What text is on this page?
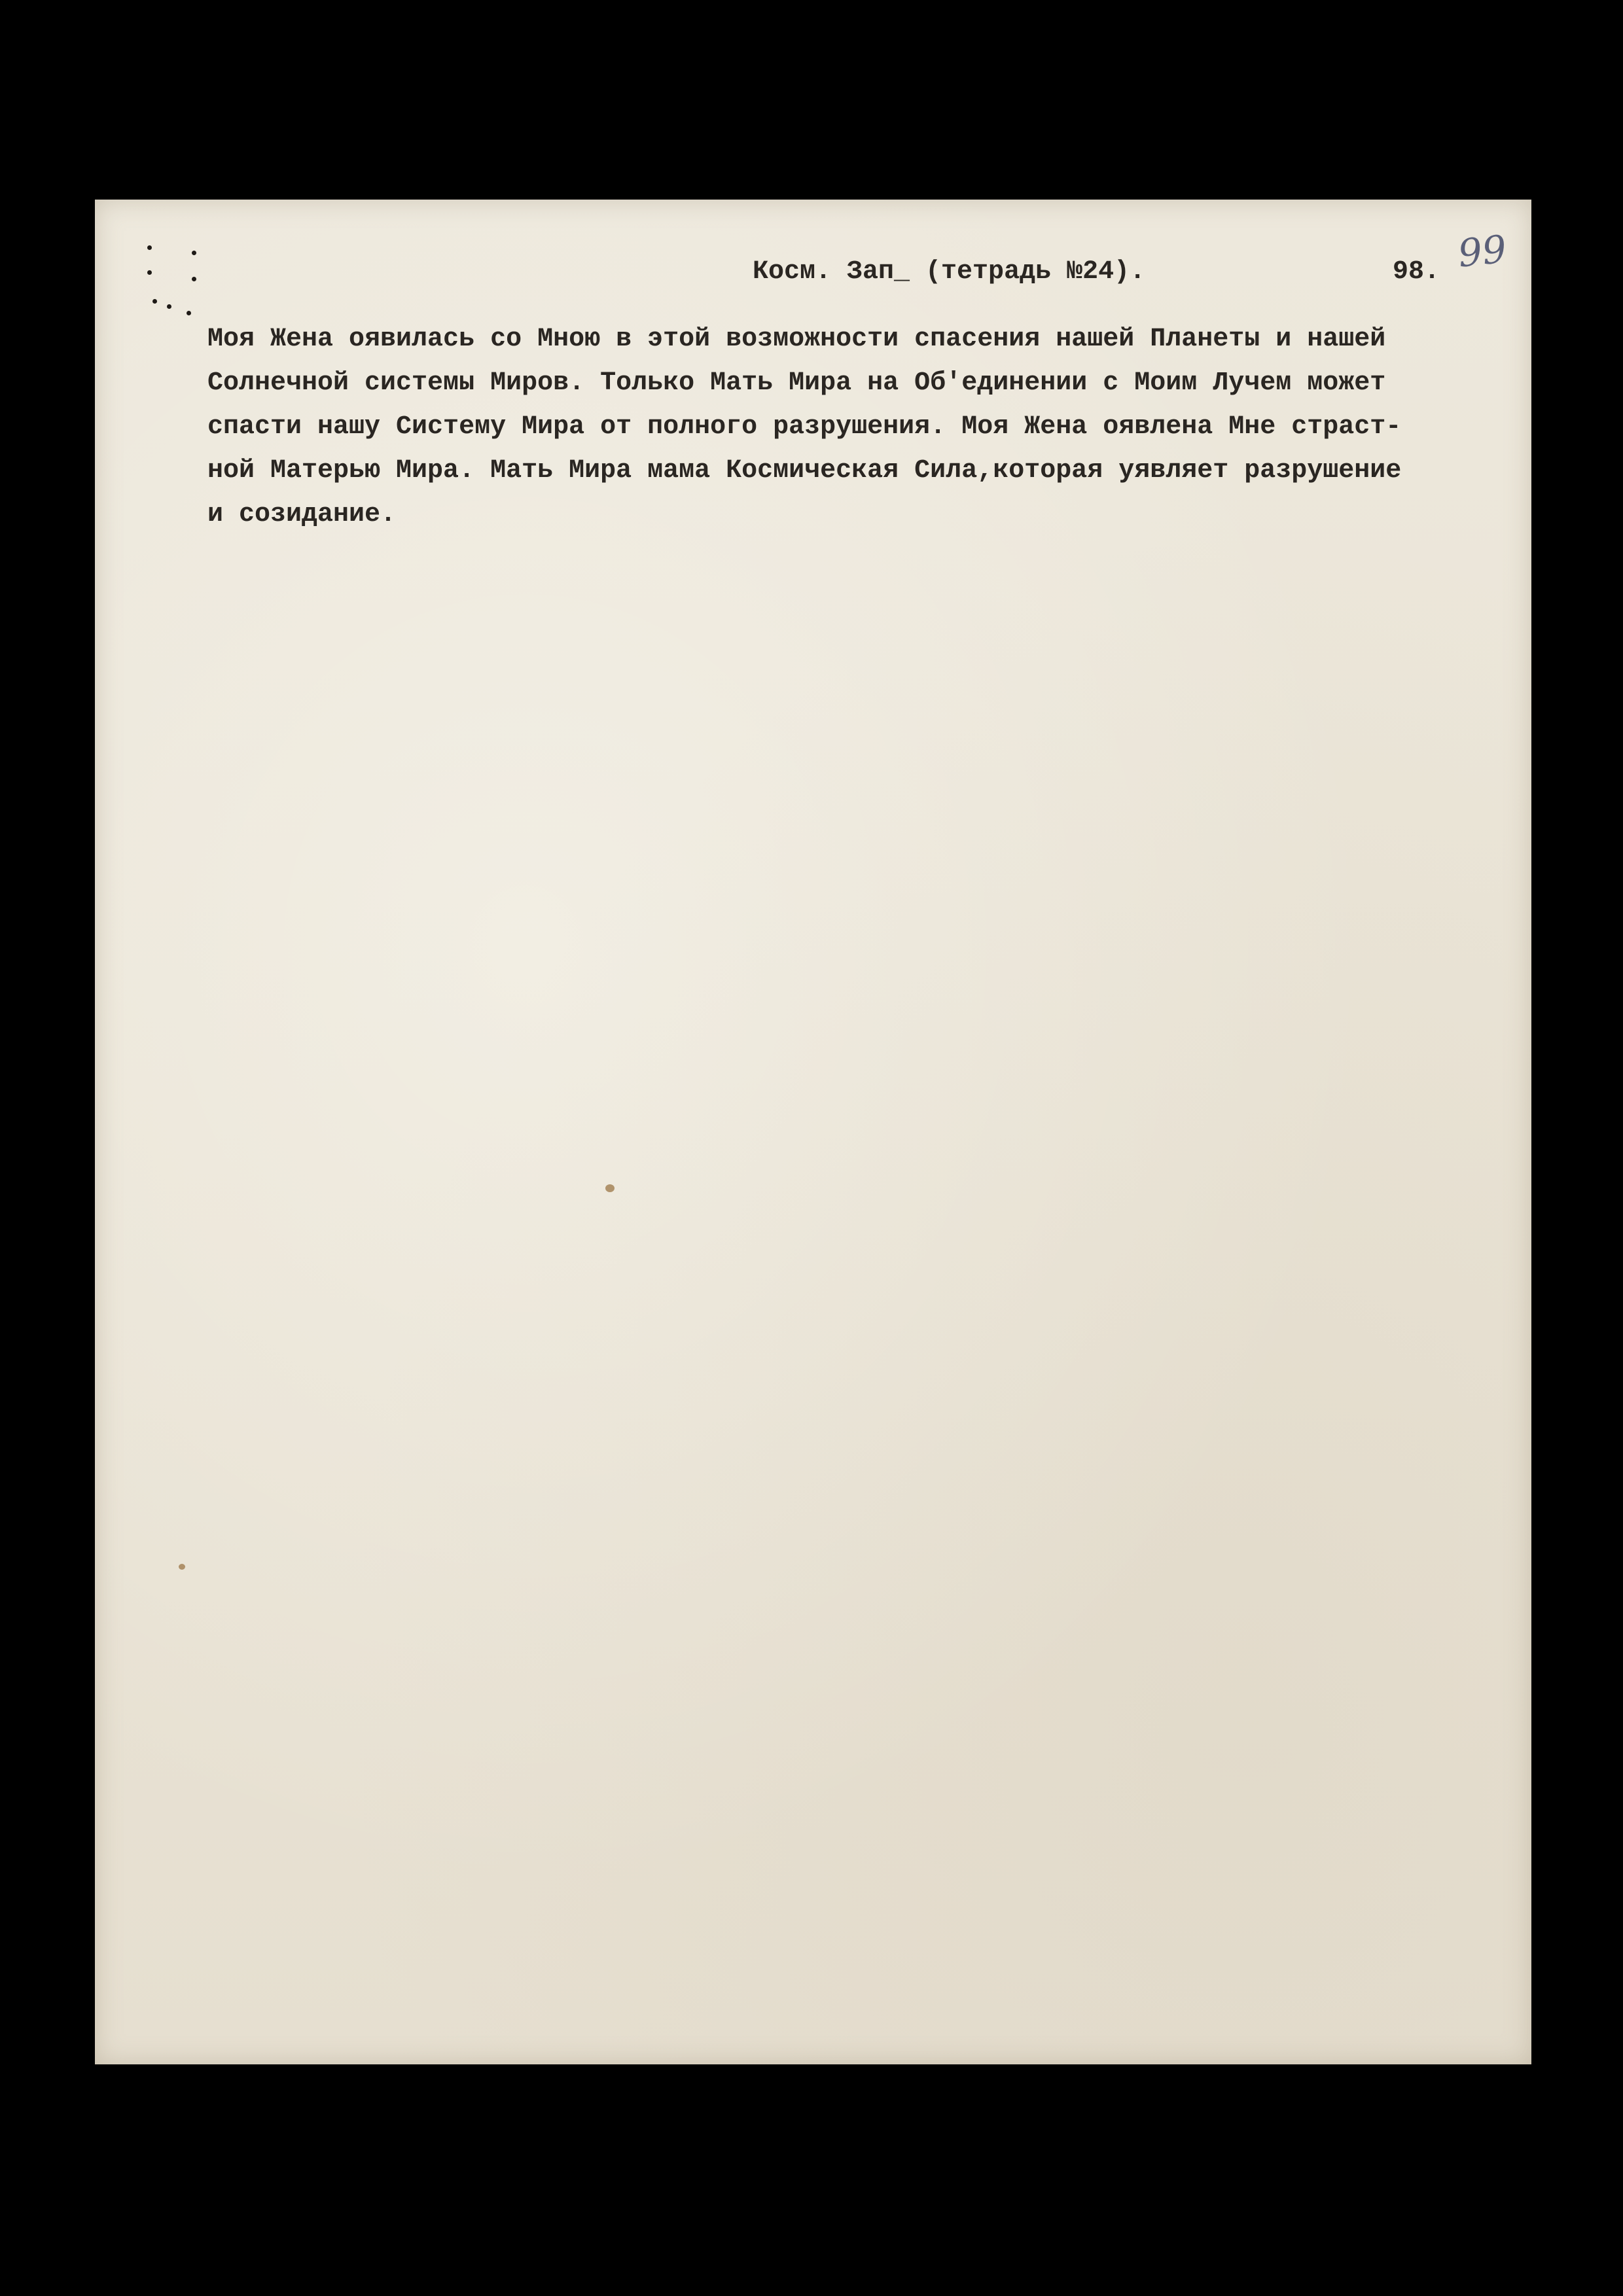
99
Косм. Зап_ (тетрадь №24).	98.
Моя Жена оявилась со Мною в этой возможности спасения нашей Планеты и нашей
Солнечной системы Миров. Только Мать Мира на Об'единении с Моим Лучем может
спасти нашу Систему Мира от полного разрушения. Моя Жена оявлена Мне страст-
ной Матерью Мира. Мать Мира мама Космическая Сила,которая уявляет разрушение
и созидание.
